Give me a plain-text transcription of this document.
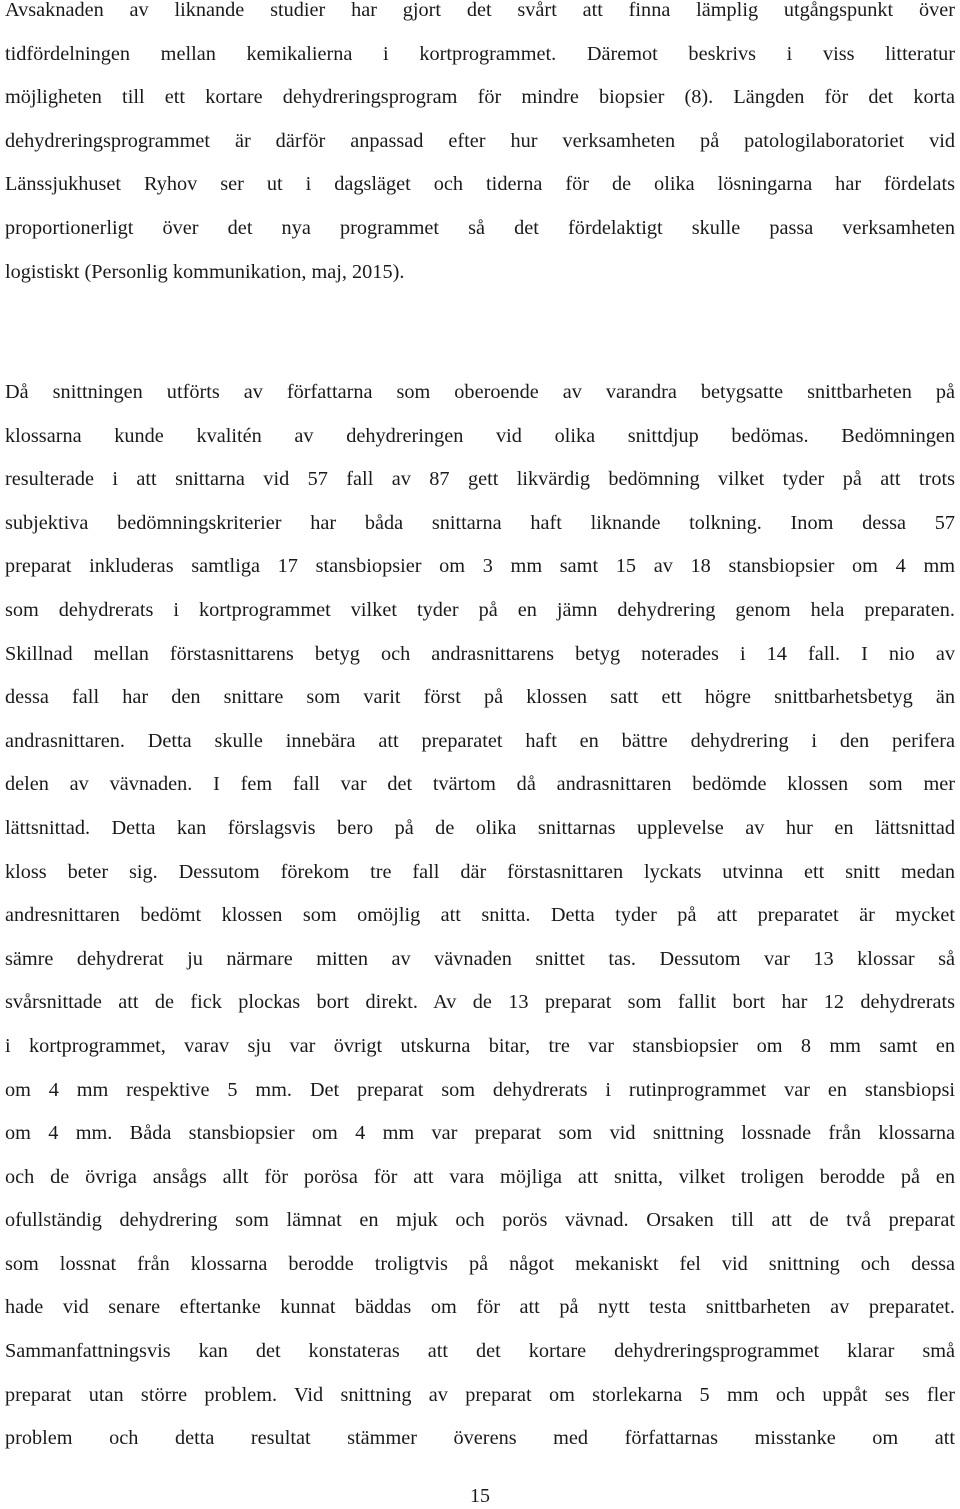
Avsaknaden av liknande studier har gjort det svårt att finna lämplig utgångspunkt över
tidfördelningen mellan kemikalierna i kortprogrammet. Däremot beskrivs i viss litteratur
möjligheten till ett kortare dehydreringsprogram för mindre biopsier (8). Längden för det korta
dehydreringsprogrammet är därför anpassad efter hur verksamheten på patologilaboratoriet vid
Länssjukhuset Ryhov ser ut i dagsläget och tiderna för de olika lösningarna har fördelats
proportionerligt över det nya programmet så det fördelaktigt skulle passa verksamheten
logistiskt (Personlig kommunikation, maj, 2015).
Då snittningen utförts av författarna som oberoende av varandra betygsatte snittbarheten på
klossarna kunde kvalitén av dehydreringen vid olika snittdjup bedömas. Bedömningen
resulterade i att snittarna vid 57 fall av 87 gett likvärdig bedömning vilket tyder på att trots
subjektiva bedömningskriterier har båda snittarna haft liknande tolkning. Inom dessa 57
preparat inkluderas samtliga 17 stansbiopsier om 3 mm samt 15 av 18 stansbiopsier om 4 mm
som dehydrerats i kortprogrammet vilket tyder på en jämn dehydrering genom hela preparaten.
Skillnad mellan förstasnittarens betyg och andrasnittarens betyg noterades i 14 fall. I nio av
dessa fall har den snittare som varit först på klossen satt ett högre snittbarhetsbetyg än
andrasnittaren. Detta skulle innebära att preparatet haft en bättre dehydrering i den perifera
delen av vävnaden. I fem fall var det tvärtom då andrasnittaren bedömde klossen som mer
lättsnittad. Detta kan förslagsvis bero på de olika snittarnas upplevelse av hur en lättsnittad
kloss beter sig. Dessutom förekom tre fall där förstasnittaren lyckats utvinna ett snitt medan
andresnittaren bedömt klossen som omöjlig att snitta. Detta tyder på att preparatet är mycket
sämre dehydrerat ju närmare mitten av vävnaden snittet tas. Dessutom var 13 klossar så
svårsnittade att de fick plockas bort direkt. Av de 13 preparat som fallit bort har 12 dehydrerats
i kortprogrammet, varav sju var övrigt utskurna bitar, tre var stansbiopsier om 8 mm samt en
om 4 mm respektive 5 mm. Det preparat som dehydrerats i rutinprogrammet var en stansbiopsi
om 4 mm. Båda stansbiopsier om 4 mm var preparat som vid snittning lossnade från klossarna
och de övriga ansågs allt för porösa för att vara möjliga att snitta, vilket troligen berodde på en
ofullständig dehydrering som lämnat en mjuk och porös vävnad. Orsaken till att de två preparat
som lossnat från klossarna berodde troligtvis på något mekaniskt fel vid snittning och dessa
hade vid senare eftertanke kunnat bäddas om för att på nytt testa snittbarheten av preparatet.
Sammanfattningsvis kan det konstateras att det kortare dehydreringsprogrammet klarar små
preparat utan större problem. Vid snittning av preparat om storlekarna 5 mm och uppåt ses fler
problem och detta resultat stämmer överens med författarnas misstanke om att
15
